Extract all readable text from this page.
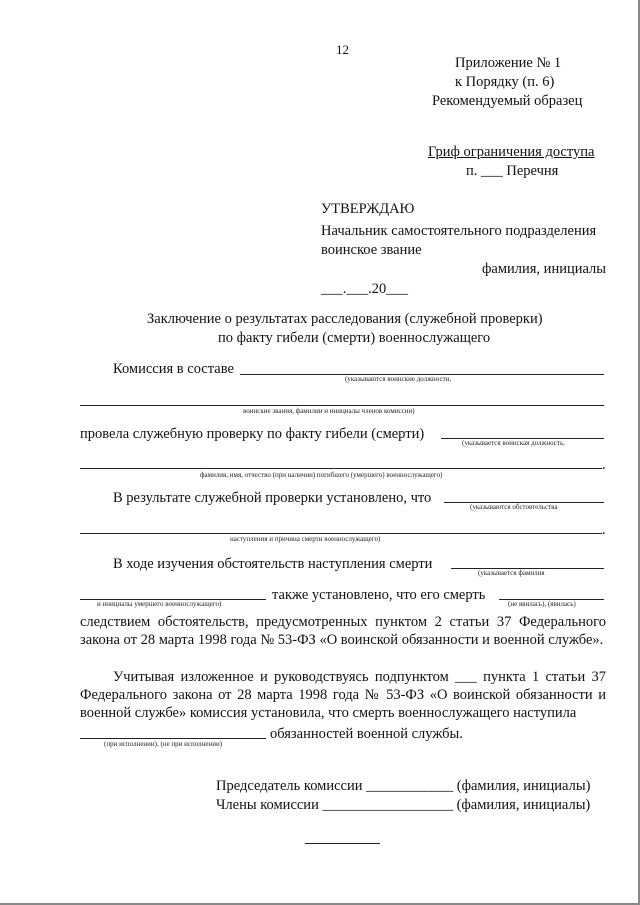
12
Приложение № 1
к Порядку (п. 6)
Рекомендуемый образец
Гриф ограничения доступа
п. ___ Перечня
УТВЕРЖДАЮ
Начальник самостоятельного подразделения
воинское звание
фамилия, инициалы
___.___.20___
Заключение о результатах расследования (служебной проверки)
по факту гибели (смерти) военнослужащего
Комиссия в составе
(указываются воинские должности,
воинские звания, фамилии и инициалы членов комиссии)
провела служебную проверку по факту гибели (смерти)
(указывается воинская должность,
.
фамилия, имя, отчество (при наличии) погибшего (умершего) военнослужащего)
В результате служебной проверки установлено, что
(указываются обстоятельства
.
наступления и причина смерти военнослужащего)
В ходе изучения обстоятельств наступления смерти
(указывается фамилия
и инициалы умершего военнослужащего)
также установлено, что его смерть
(не явилась), (явилась)
следствием обстоятельств, предусмотренных пунктом 2 статьи 37 Федерального закона от 28 марта 1998 года № 53-ФЗ «О воинской обязанности и военной службе».
Учитывая изложенное и руководствуясь подпунктом ___ пункта 1 статьи 37 Федерального закона от 28 марта 1998 года № 53-ФЗ «О воинской обязанности и военной службе» комиссия установила, что смерть военнослужащего наступила
обязанностей военной службы.
(при исполнении), (не при исполнении)
Председатель комиссии ____________ (фамилия, инициалы)
Члены комиссии __________________ (фамилия, инициалы)
